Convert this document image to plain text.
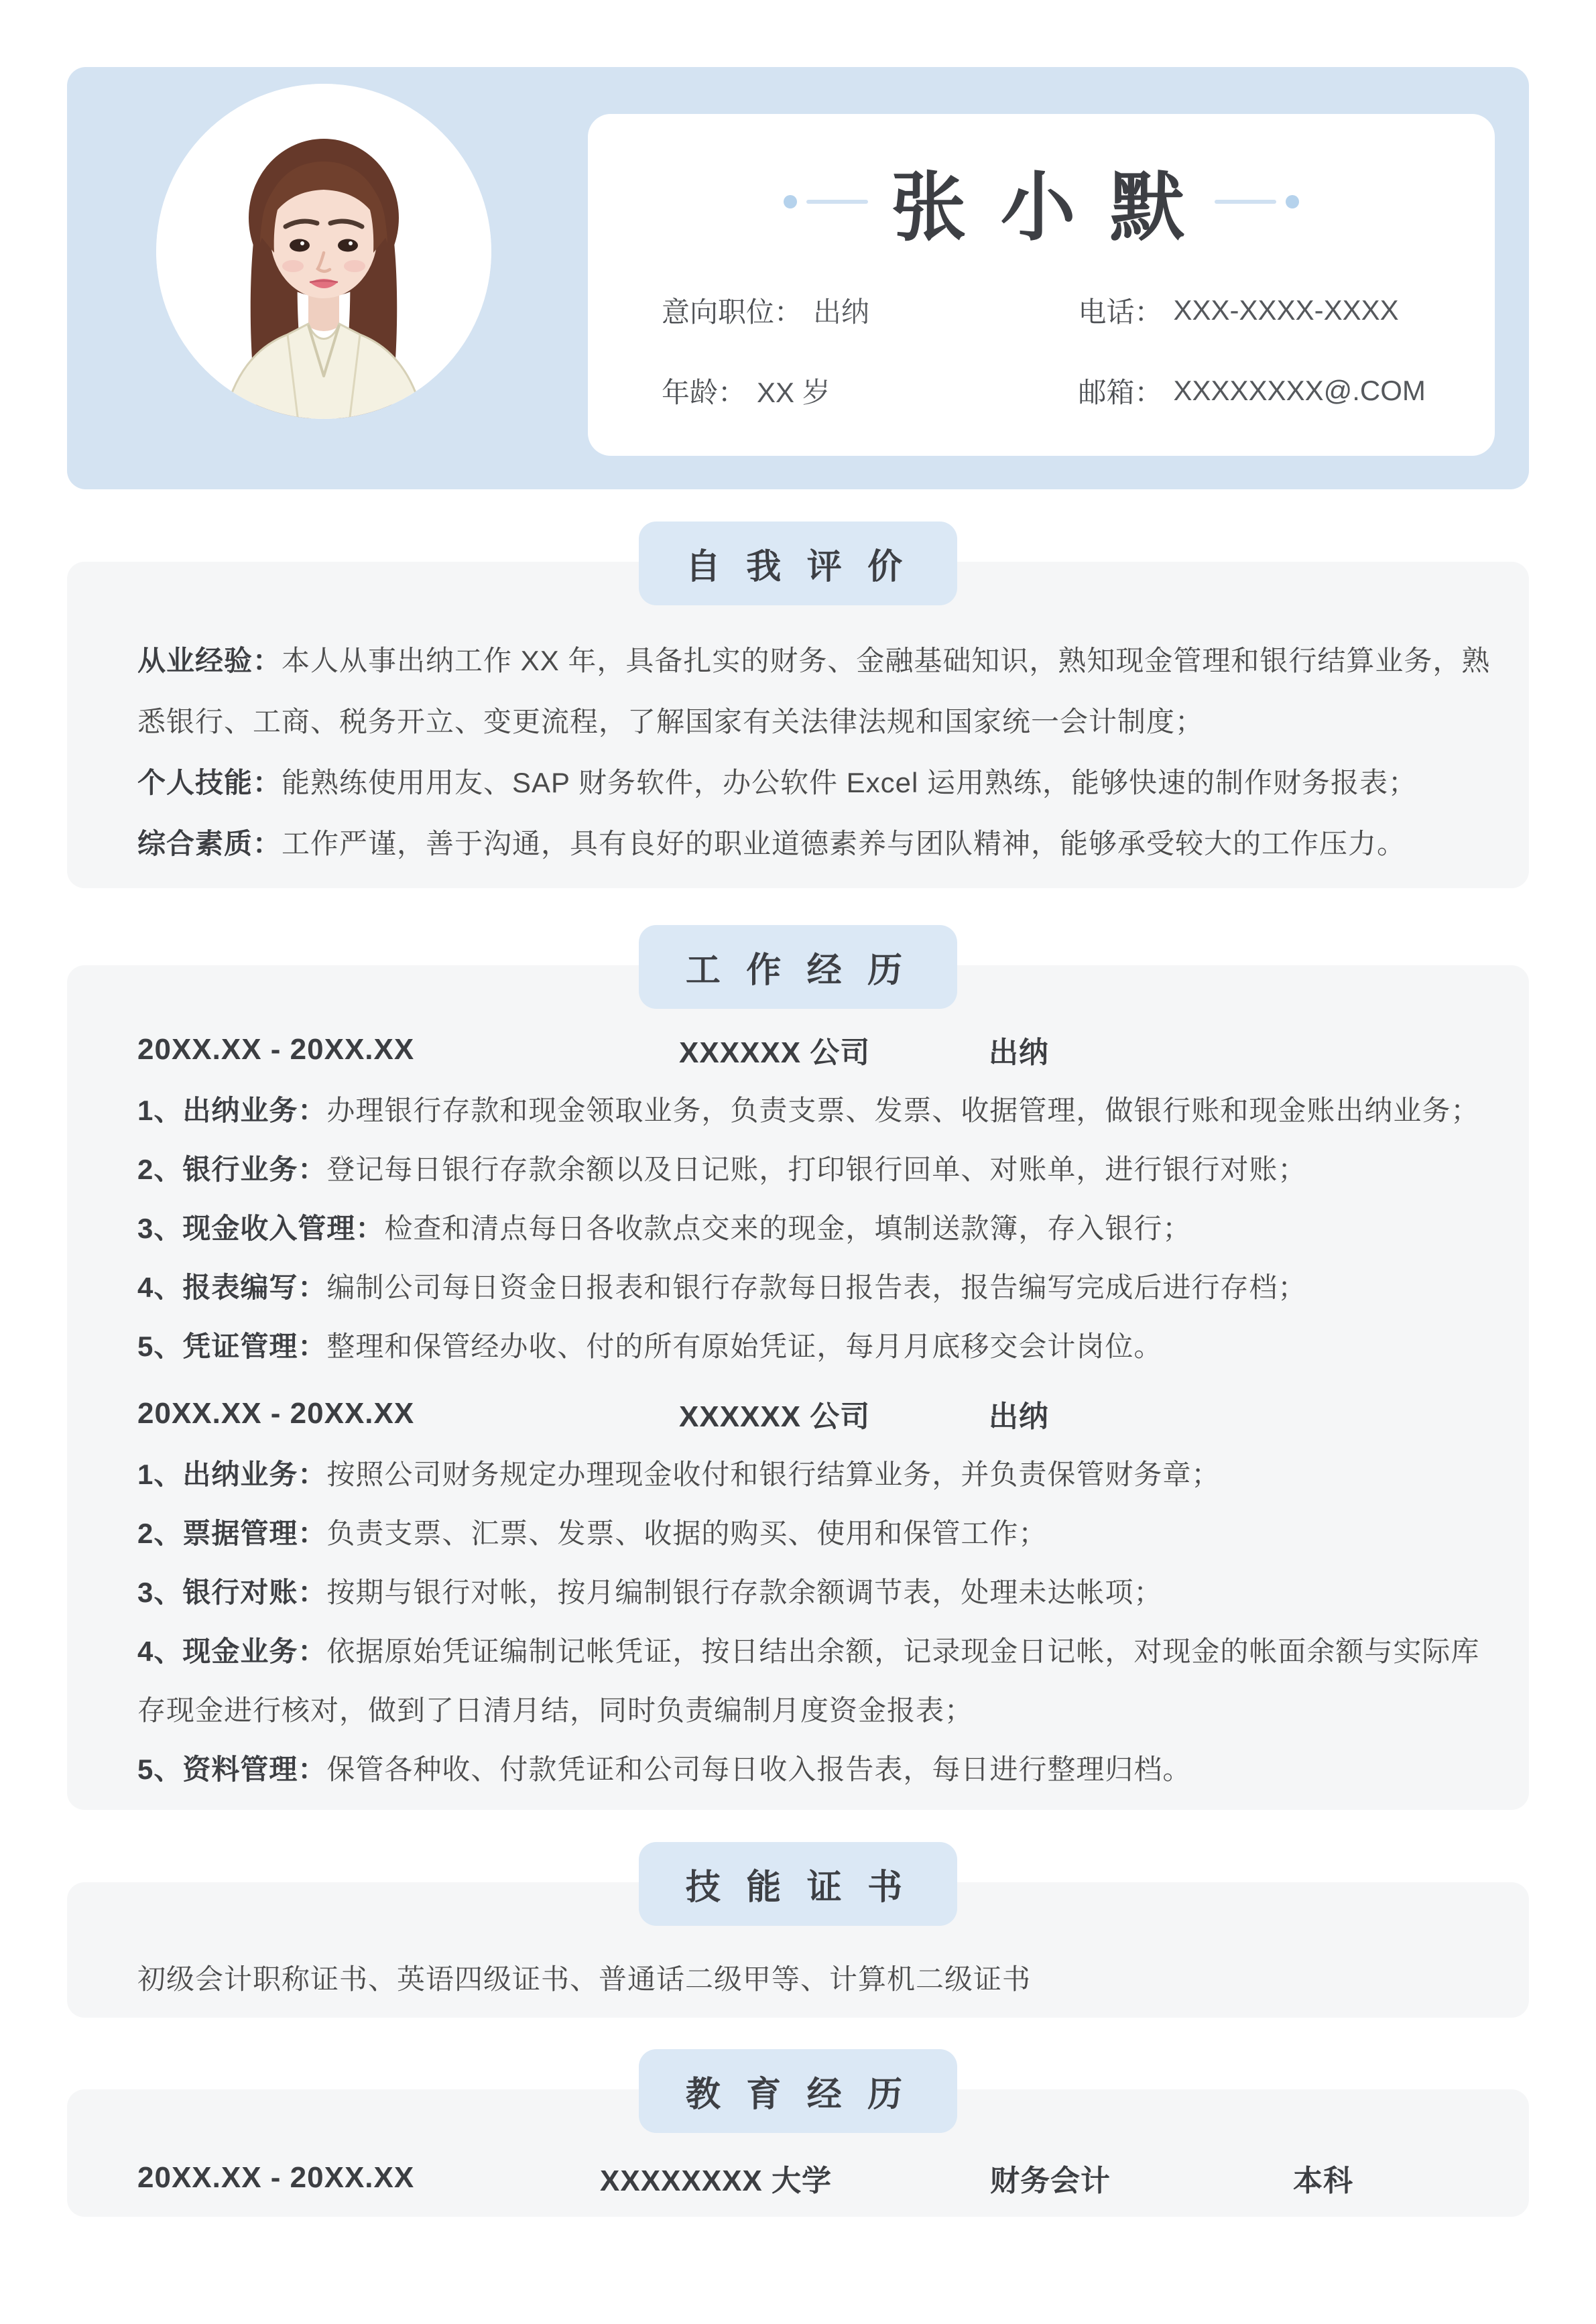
张 小 默
意向职位： 出纳	电话： XXX-XXXX-XXXX
年龄： XX 岁	邮箱： XXXXXXXX@.COM
自 我 评 价
从业经验： 本人从事出纳工作 XX 年，具备扎实的财务、金融基础知识，熟知现金管理和银行结算业务，熟
悉银行、工商、税务开立、变更流程，了解国家有关法律法规和国家统一会计制度；
个人技能： 能熟练使用用友、SAP 财务软件，办公软件 Excel 运用熟练，能够快速的制作财务报表；
综合素质： 工作严谨，善于沟通，具有良好的职业道德素养与团队精神，能够承受较大的工作压力。
工 作 经 历
20XX.XX - 20XX.XX	XXXXXX 公司	出纳
1、出纳业务： 办理银行存款和现金领取业务，负责支票、发票、收据管理，做银行账和现金账出纳业务；
2、银行业务： 登记每日银行存款余额以及日记账，打印银行回单、对账单，进行银行对账；
3、现金收入管理： 检查和清点每日各收款点交来的现金，填制送款簿，存入银行；
4、报表编写： 编制公司每日资金日报表和银行存款每日报告表，报告编写完成后进行存档；
5、凭证管理： 整理和保管经办收、付的所有原始凭证，每月月底移交会计岗位。
20XX.XX - 20XX.XX	XXXXXX 公司	出纳
1、出纳业务： 按照公司财务规定办理现金收付和银行结算业务，并负责保管财务章；
2、票据管理： 负责支票、汇票、发票、收据的购买、使用和保管工作；
3、银行对账： 按期与银行对帐，按月编制银行存款余额调节表，处理未达帐项；
4、现金业务： 依据原始凭证编制记帐凭证，按日结出余额，记录现金日记帐，对现金的帐面余额与实际库
存现金进行核对，做到了日清月结，同时负责编制月度资金报表；
5、资料管理： 保管各种收、付款凭证和公司每日收入报告表，每日进行整理归档。
技 能 证 书
初级会计职称证书、英语四级证书、普通话二级甲等、计算机二级证书
教 育 经 历
20XX.XX - 20XX.XX	XXXXXXXX 大学	财务会计	本科
